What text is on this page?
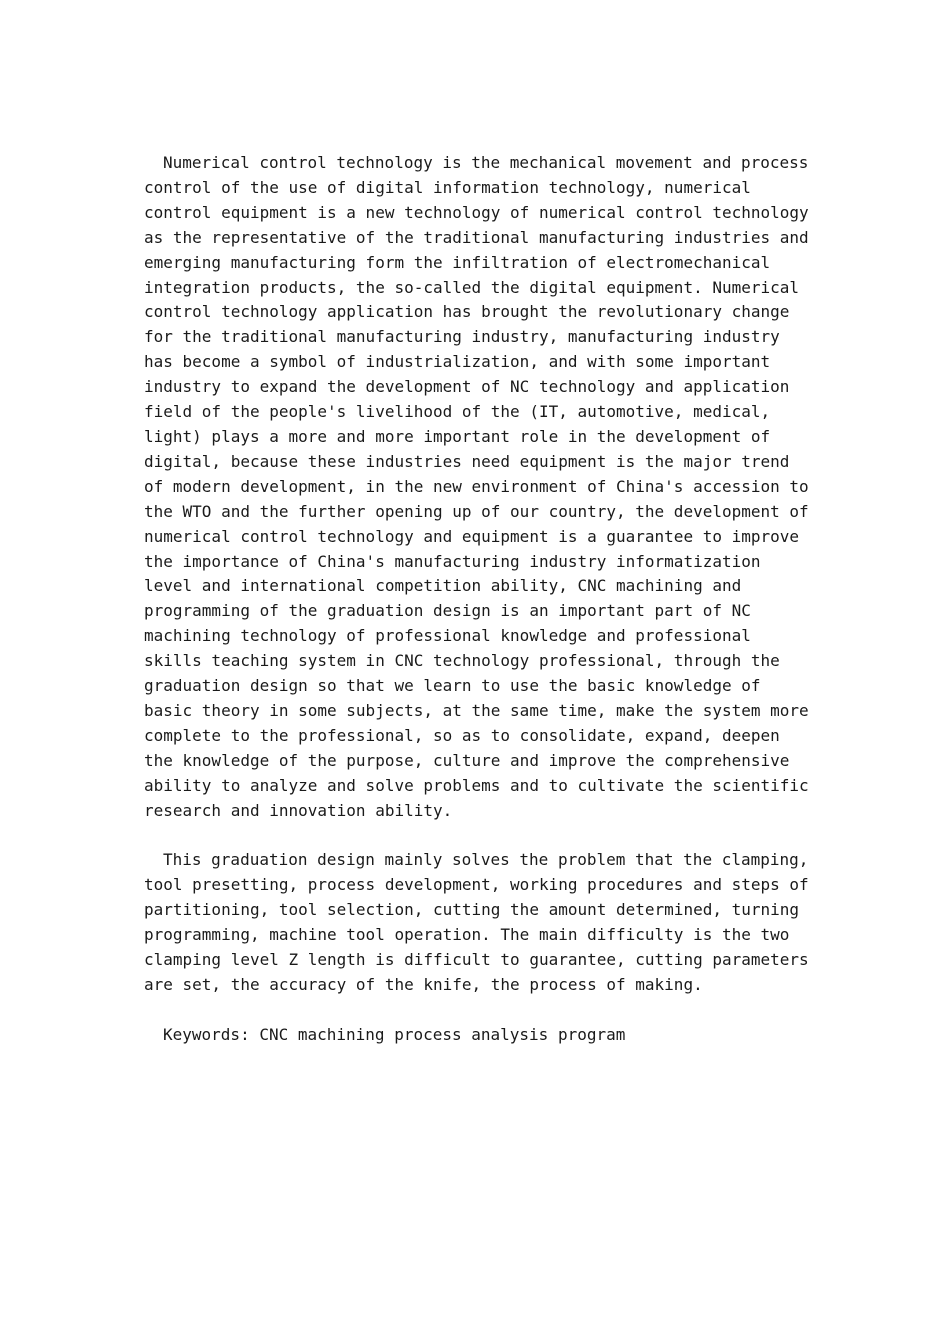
Numerical control technology is the mechanical movement and process control of the use of digital information technology, numerical control equipment is a new technology of numerical control technology as the representative of the traditional manufacturing industries and emerging manufacturing form the infiltration of electromechanical integration products, the so-called the digital equipment. Numerical control technology application has brought the revolutionary change for the traditional manufacturing industry, manufacturing industry has become a symbol of industrialization, and with some important industry to expand the development of NC technology and application field of the people's livelihood of the (IT, automotive, medical, light) plays a more and more important role in the development of digital, because these industries need equipment is the major trend of modern development, in the new environment of China's accession to the WTO and the further opening up of our country, the development of numerical control technology and equipment is a guarantee to improve the importance of China's manufacturing industry informatization level and international competition ability, CNC machining and programming of the graduation design is an important part of NC machining technology of professional knowledge and professional skills teaching system in CNC technology professional, through the graduation design so that we learn to use the basic knowledge of basic theory in some subjects, at the same time, make the system more complete to the professional, so as to consolidate, expand, deepen the knowledge of the purpose, culture and improve the comprehensive ability to analyze and solve problems and to cultivate the scientific research and innovation ability.

This graduation design mainly solves the problem that the clamping, tool presetting, process development, working procedures and steps of partitioning, tool selection, cutting the amount determined, turning programming, machine tool operation. The main difficulty is the two clamping level Z length is difficult to guarantee, cutting parameters are set, the accuracy of the knife, the process of making.

Keywords: CNC machining process analysis program
